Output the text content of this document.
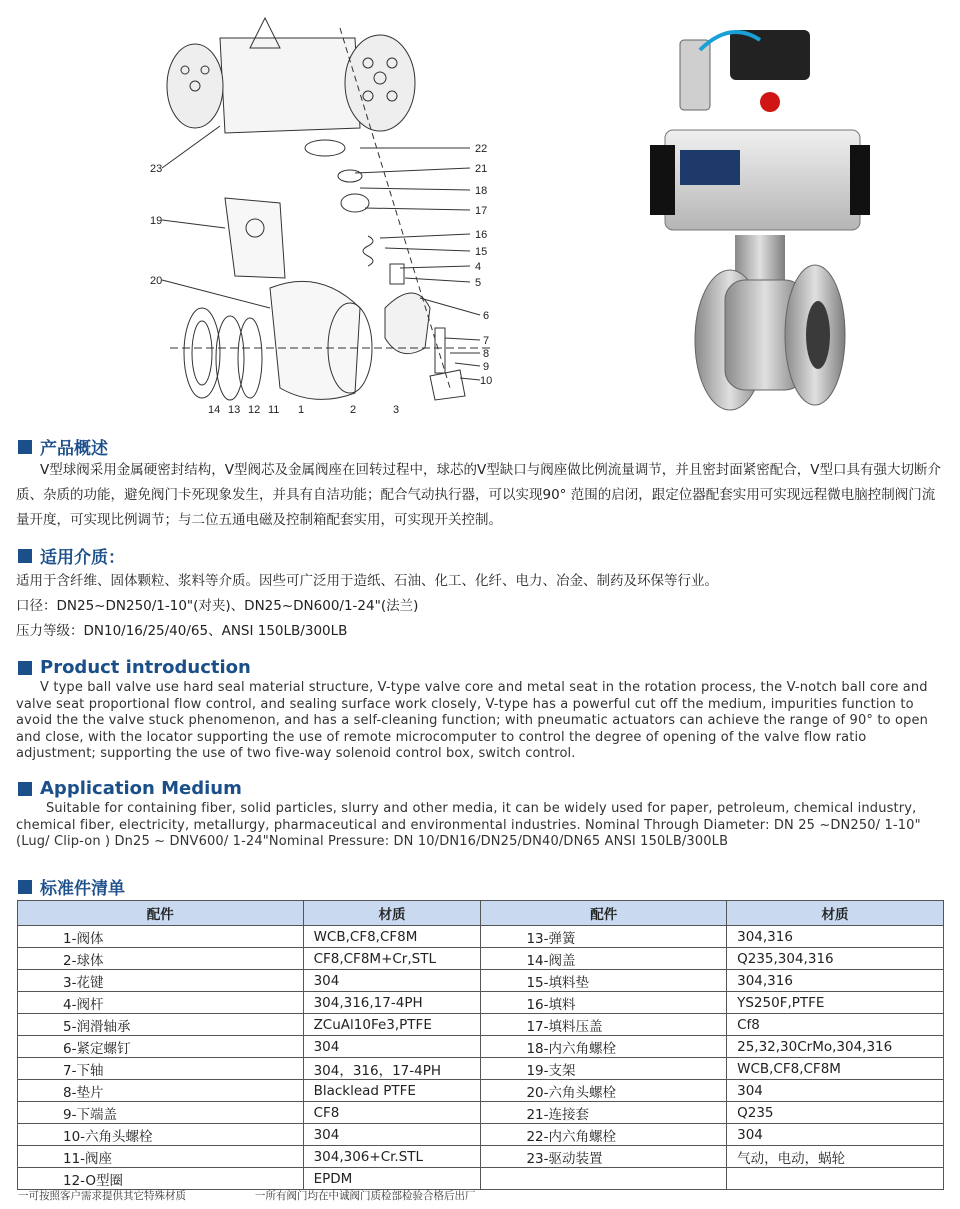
22
21
18
17
16
15
4
5
6
7
8
9
10
23
19
20
14 13 12 11 1	2	3
产品概述
V型球阀采用金属硬密封结构，V型阀芯及金属阀座在回转过程中，球芯的V型缺口与阀座做比例流量调节，并且密封面紧密配合，V型口具有强大切断介质、杂质的功能，避免阀门卡死现象发生，并具有自洁功能；配合气动执行器，可以实现90° 范围的启闭，跟定位器配套实用可实现远程微电脑控制阀门流量开度，可实现比例调节；与二位五通电磁及控制箱配套实用，可实现开关控制。
适用介质：
适用于含纤维、固体颗粒、浆料等介质。因些可广泛用于造纸、石油、化工、化纤、电力、冶金、制药及环保等行业。
口径：DN25~DN250/1-10"(对夹)、DN25~DN600/1-24"(法兰)
压力等级：DN10/16/25/40/65、ANSI 150LB/300LB
Product introduction
V type ball valve use hard seal material structure, V-type valve core and metal seat in the rotation process, the V-notch ball core and valve seat proportional flow control, and sealing surface work closely, V-type has a powerful cut off the medium, impurities function to avoid the the valve stuck phenomenon, and has a self-cleaning function; with pneumatic actuators can achieve the range of 90° to open and close, with the locator supporting the use of remote microcomputer to control the degree of opening of the valve flow ratio adjustment; supporting the use of two five-way solenoid control box, switch control.
Application Medium
Suitable for containing fiber, solid particles, slurry and other media, it can be widely used for paper, petroleum, chemical industry, chemical fiber, electricity, metallurgy, pharmaceutical and environmental industries. Nominal Through Diameter: DN 25 ~DN250/ 1-10" (Lug/ Clip-on ) Dn25 ~ DNV600/ 1-24"Nominal Pressure: DN 10/DN16/DN25/DN40/DN65 ANSI 150LB/300LB
标准件清单
配件	材质	配件	材质
1-阀体	WCB,CF8,CF8M	13-弹簧	304,316
2-球体	CF8,CF8M+Cr,STL	14-阀盖	Q235,304,316
3-花键	304	15-填料垫	304,316
4-阀杆	304,316,17-4PH	16-填料	YS250F,PTFE
5-润滑轴承	ZCuAl10Fe3,PTFE	17-填料压盖	Cf8
6-紧定螺钉	304	18-内六角螺栓	25,32,30CrMo,304,316
7-下轴	304，316，17-4PH	19-支架	WCB,CF8,CF8M
8-垫片	Blacklead PTFE	20-六角头螺栓	304
9-下端盖	CF8	21-连接套	Q235
10-六角头螺栓	304	22-内六角螺栓	304
11-阀座	304,306+Cr.STL	23-驱动装置	气动，电动，蜗轮
12-O型圈	EPDM		
一可按照客户需求提供其它特殊材质	一所有阀门均在中诚阀门质检部检验合格后出厂
